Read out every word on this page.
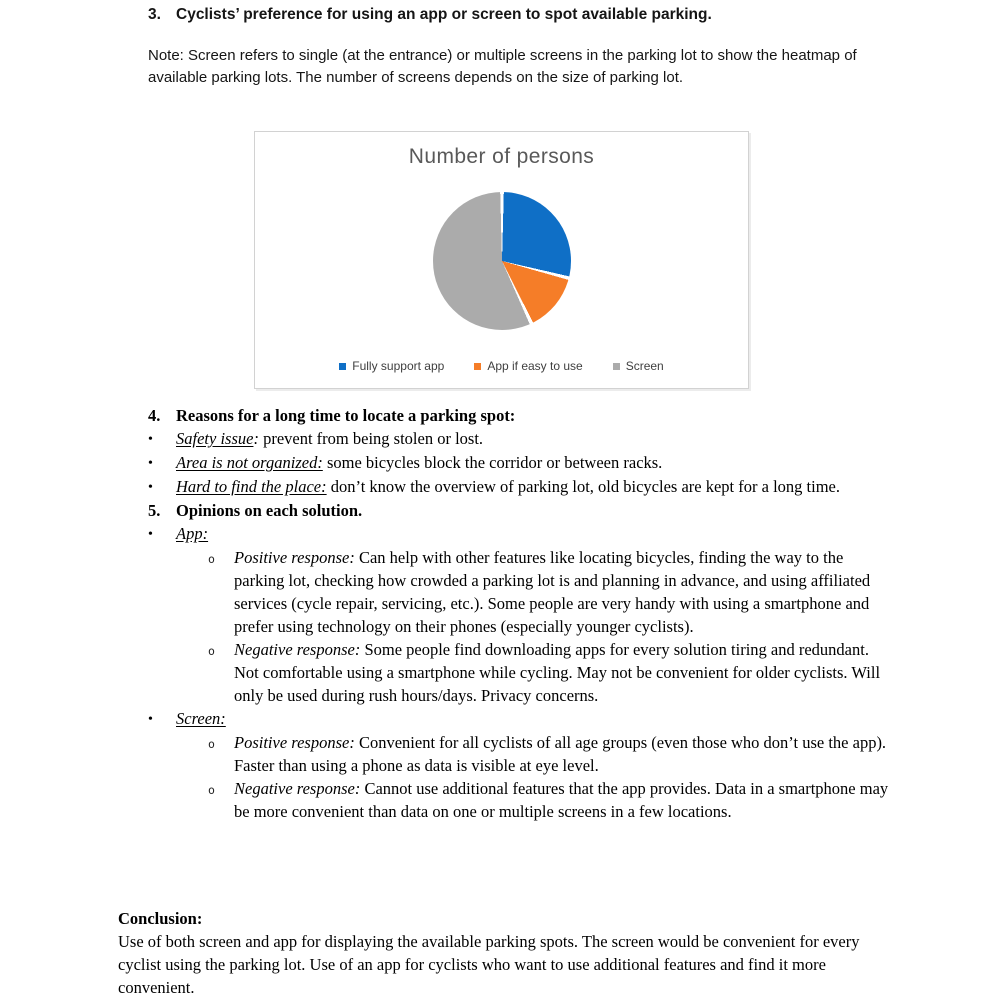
3. Cyclists’ preference for using an app or screen to spot available parking.

Note: Screen refers to single (at the entrance) or multiple screens in the parking lot to show the heatmap of available parking lots. The number of screens depends on the size of parking lot.

Number of persons
Fully support app	App if easy to use	Screen
4. Reasons for a long time to locate a parking spot:
•	Safety issue: prevent from being stolen or lost.
•	Area is not organized: some bicycles block the corridor or between racks.
•	Hard to find the place: don’t know the overview of parking lot, old bicycles are kept for a long time.
5. Opinions on each solution.
•	App:
o	Positive response: Can help with other features like locating bicycles, finding the way to the parking lot, checking how crowded a parking lot is and planning in advance, and using affiliated services (cycle repair, servicing, etc.). Some people are very handy with using a smartphone and prefer using technology on their phones (especially younger cyclists).
o	Negative response: Some people find downloading apps for every solution tiring and redundant. Not comfortable using a smartphone while cycling. May not be convenient for older cyclists. Will only be used during rush hours/days. Privacy concerns.
•	Screen:
o	Positive response: Convenient for all cyclists of all age groups (even those who don’t use the app). Faster than using a phone as data is visible at eye level.
o	Negative response: Cannot use additional features that the app provides. Data in a smartphone may be more convenient than data on one or multiple screens in a few locations.
Conclusion:
Use of both screen and app for displaying the available parking spots. The screen would be convenient for every cyclist using the parking lot. Use of an app for cyclists who want to use additional features and find it more convenient.
